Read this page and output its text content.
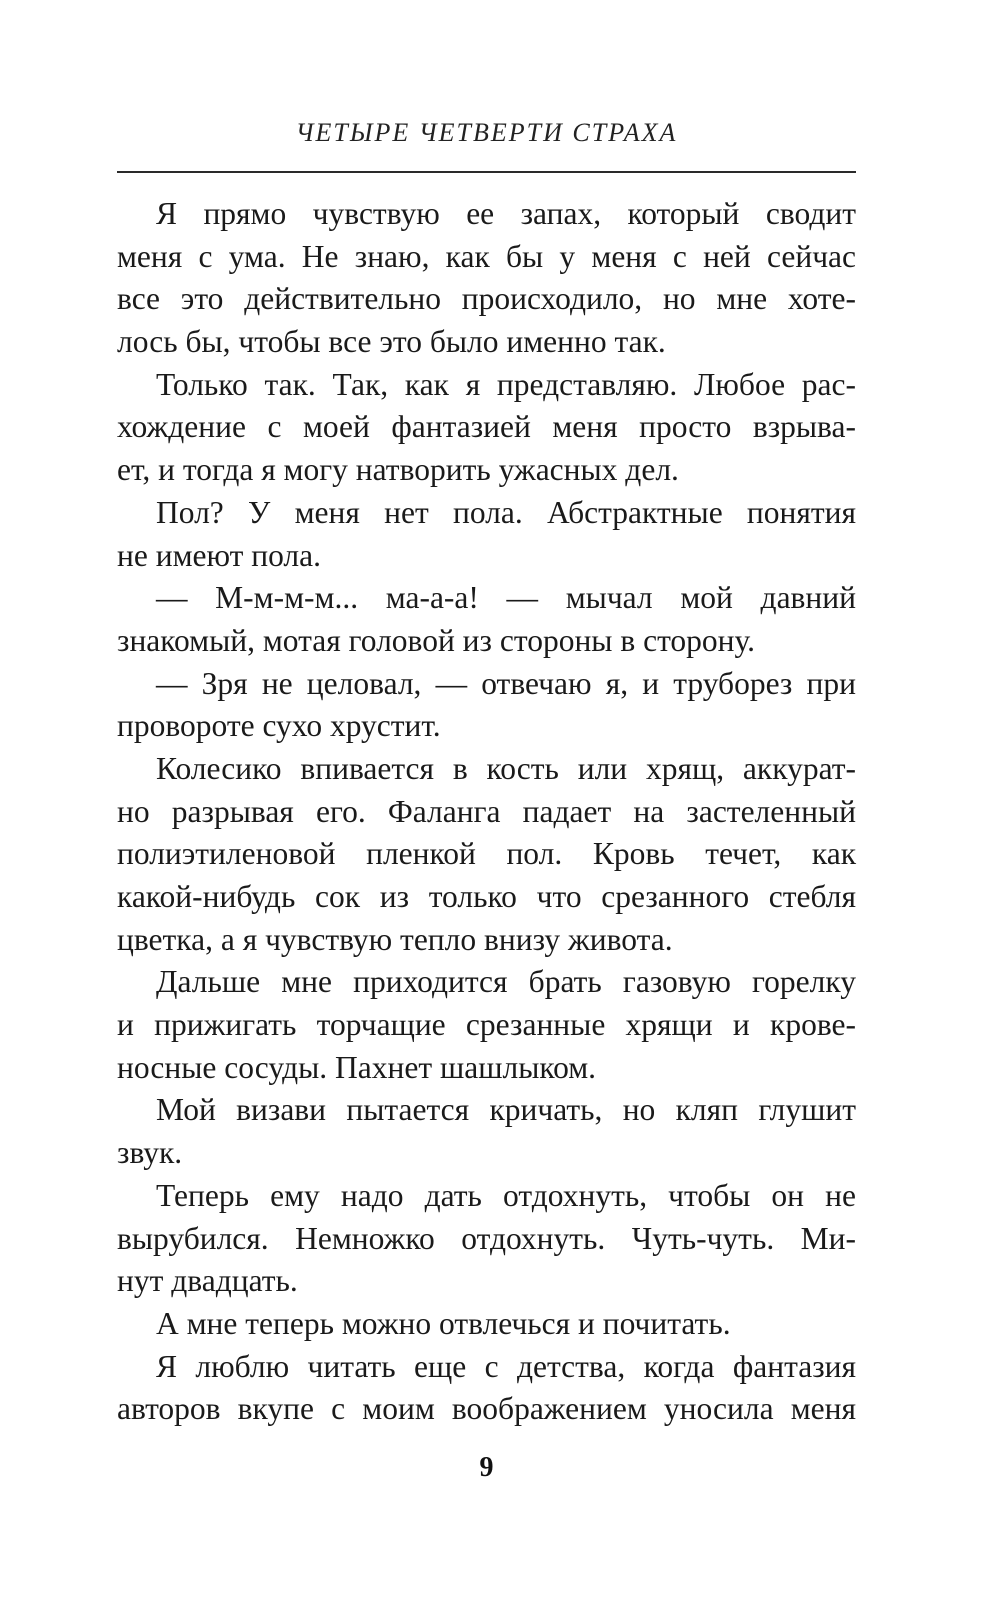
ЧЕТЫРЕ ЧЕТВЕРТИ СТРАХА
Я прямо чувствую ее запах, который сводит
меня с ума. Не знаю, как бы у меня с ней сейчас
все это действительно происходило, но мне хоте-
лось бы, чтобы все это было именно так.
Только так. Так, как я представляю. Любое рас-
хождение с моей фантазией меня просто взрыва-
ет, и тогда я могу натворить ужасных дел.
Пол? У меня нет пола. Абстрактные понятия
не имеют пола.
— М-м-м-м... ма-а-а! — мычал мой давний
знакомый, мотая головой из стороны в сторону.
— Зря не целовал, — отвечаю я, и труборез при
провороте сухо хрустит.
Колесико впивается в кость или хрящ, аккурат-
но разрывая его. Фаланга падает на застеленный
полиэтиленовой пленкой пол. Кровь течет, как
какой-нибудь сок из только что срезанного стебля
цветка, а я чувствую тепло внизу живота.
Дальше мне приходится брать газовую горелку
и прижигать торчащие срезанные хрящи и крове-
носные сосуды. Пахнет шашлыком.
Мой визави пытается кричать, но кляп глушит
звук.
Теперь ему надо дать отдохнуть, чтобы он не
вырубился. Немножко отдохнуть. Чуть-чуть. Ми-
нут двадцать.
А мне теперь можно отвлечься и почитать.
Я люблю читать еще с детства, когда фантазия
авторов вкупе с моим воображением уносила меня
9
